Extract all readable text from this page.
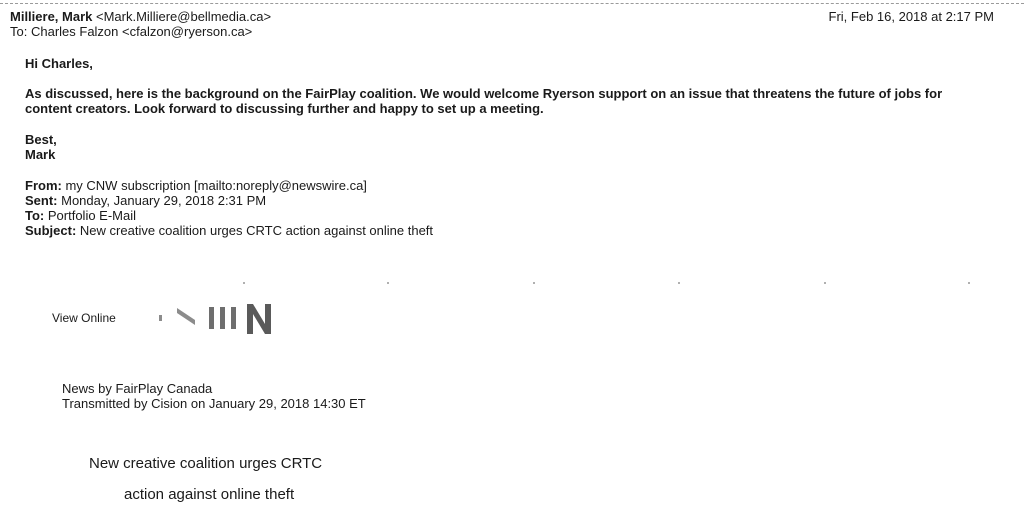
Milliere, Mark <Mark.Milliere@bellmedia.ca>
To: Charles Falzon <cfalzon@ryerson.ca>
Fri, Feb 16, 2018 at 2:17 PM
Hi Charles,
As discussed, here is the background on the FairPlay coalition. We would welcome Ryerson support on an issue that threatens the future of jobs for content creators. Look forward to discussing further and happy to set up a meeting.
Best,
Mark
From: my CNW subscription [mailto:noreply@newswire.ca]
Sent: Monday, January 29, 2018 2:31 PM
To: Portfolio E-Mail
Subject: New creative coalition urges CRTC action against online theft
View Online
CNW
News by FairPlay Canada
Transmitted by Cision on January 29, 2018 14:30 ET
New creative coalition urges CRTC
action against online theft
